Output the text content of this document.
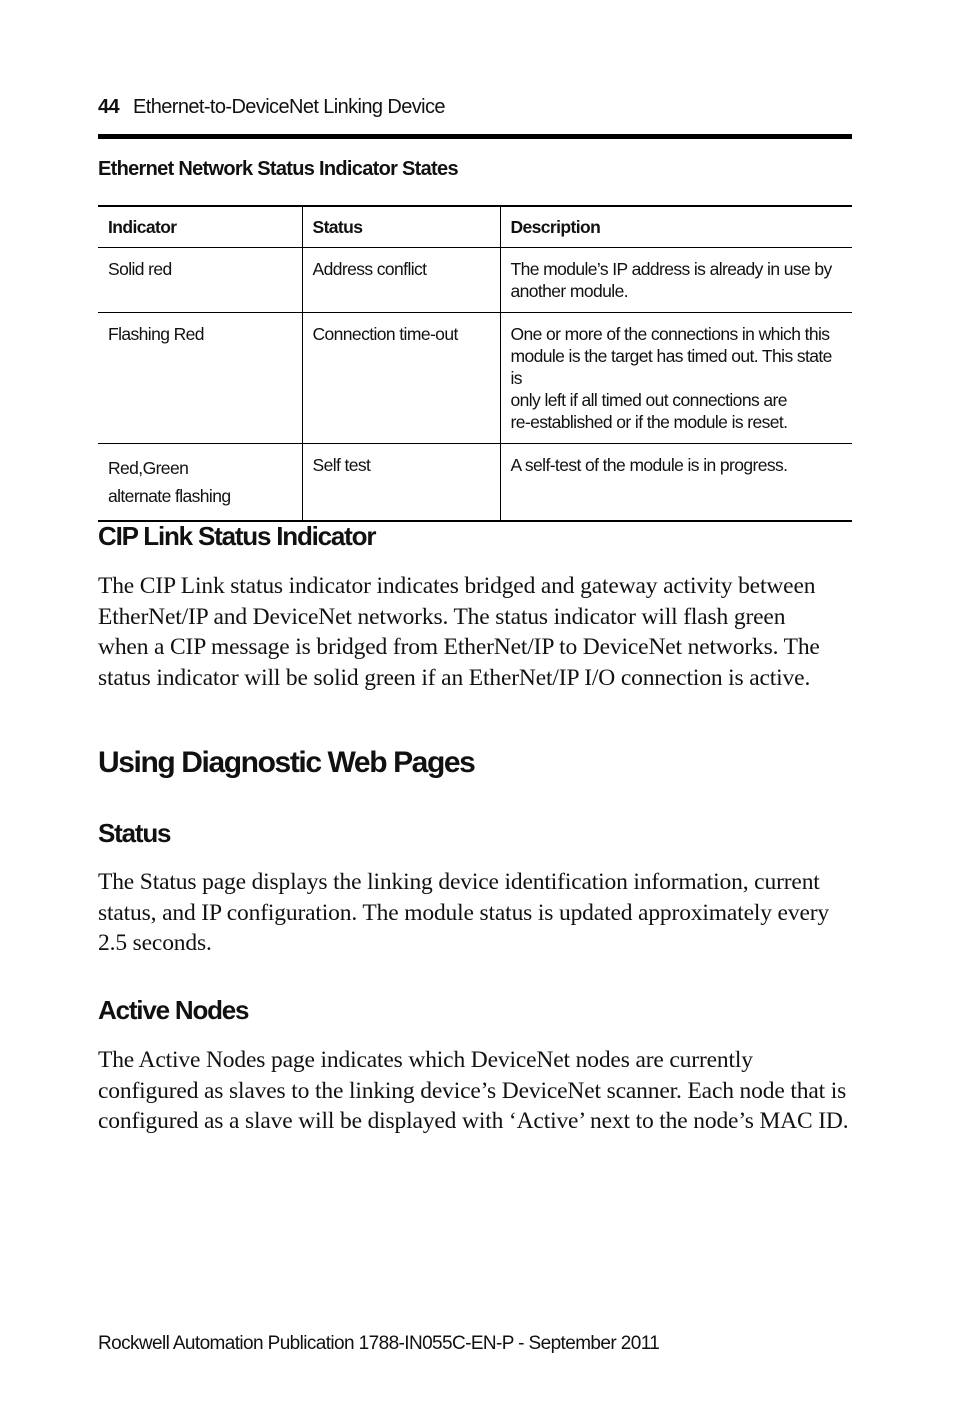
44 Ethernet-to-DeviceNet Linking Device
Ethernet Network Status Indicator States
Indicator	Status	Description
Solid red	Address conflict	The module’s IP address is already in use by
another module.
Flashing Red	Connection time-out	One or more of the connections in which this
module is the target has timed out. This state is
only left if all timed out connections are
re-established or if the module is reset.
Red,Green
alternate flashing	Self test	A self-test of the module is in progress.
CIP Link Status Indicator

The CIP Link status indicator indicates bridged and gateway activity between
EtherNet/IP and DeviceNet networks. The status indicator will flash green
when a CIP message is bridged from EtherNet/IP to DeviceNet networks. The
status indicator will be solid green if an EtherNet/IP I/O connection is active.

Using Diagnostic Web Pages
Status

The Status page displays the linking device identification information, current
status, and IP configuration. The module status is updated approximately every
2.5 seconds.

Active Nodes

The Active Nodes page indicates which DeviceNet nodes are currently
configured as slaves to the linking device’s DeviceNet scanner. Each node that is
configured as a slave will be displayed with ‘Active’ next to the node’s MAC ID.

Rockwell Automation Publication 1788-IN055C-EN-P - September 2011
